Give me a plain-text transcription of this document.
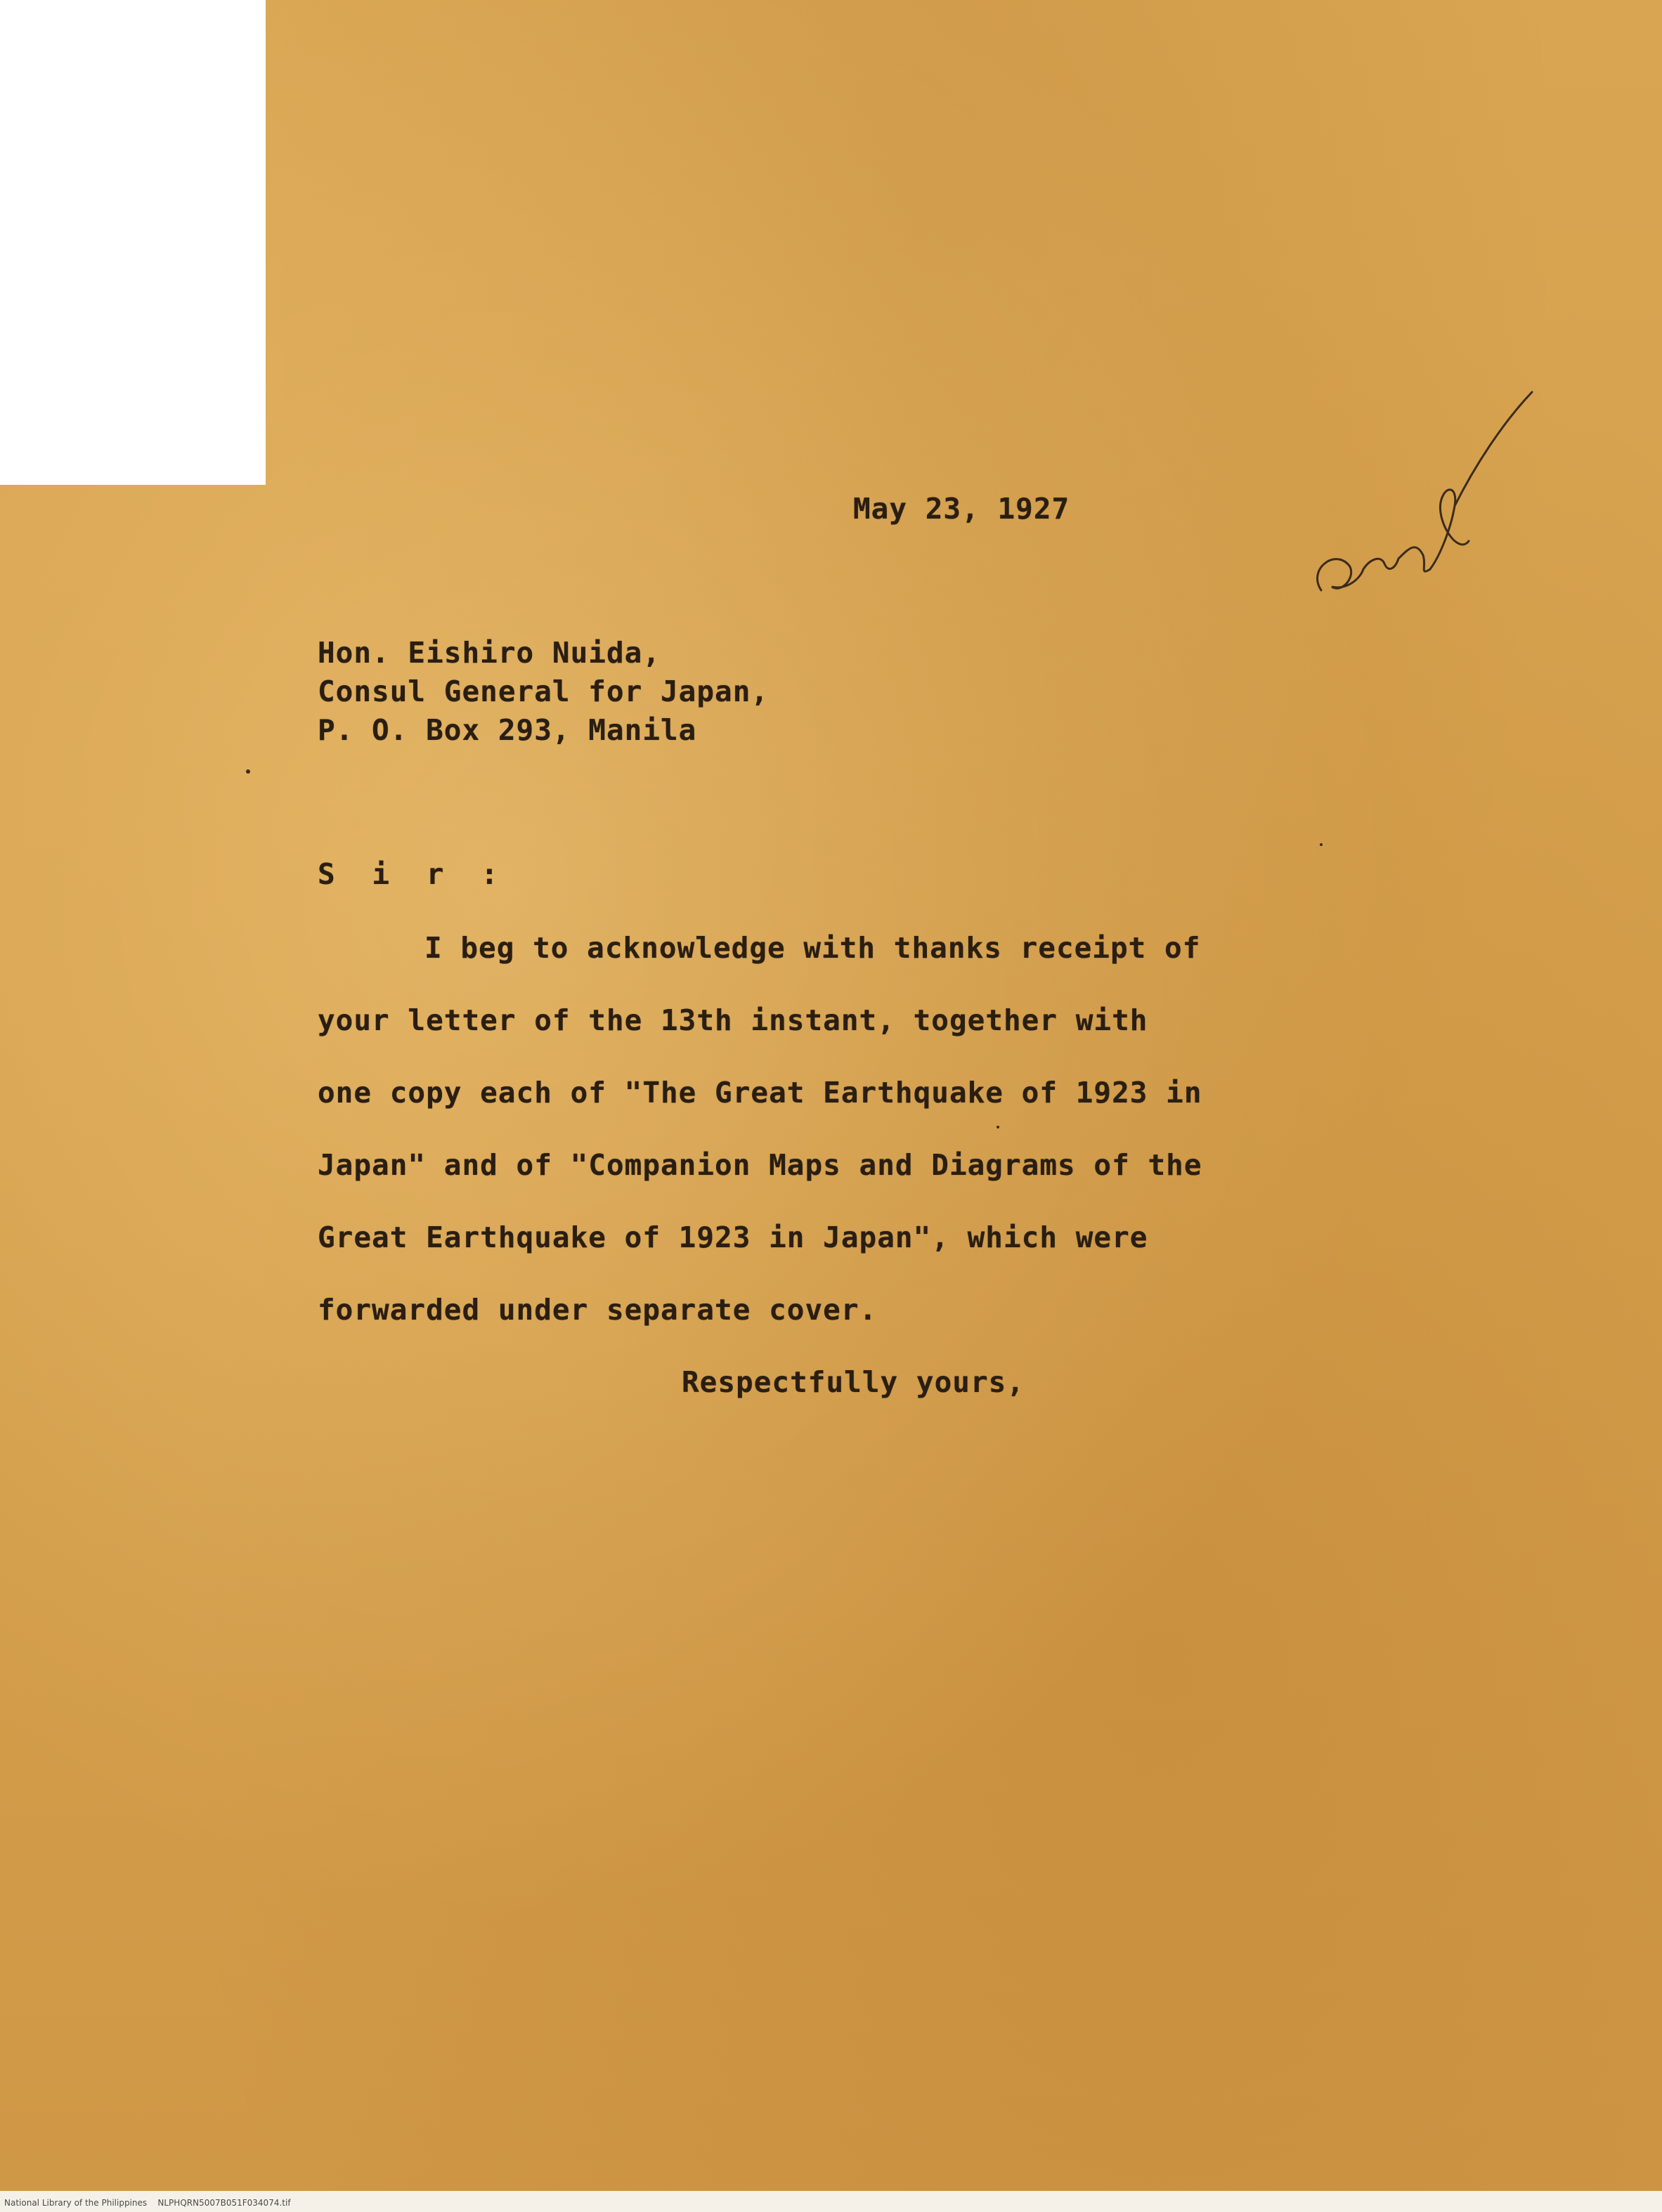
May 23, 1927
Hon. Eishiro Nuida,
Consul General for Japan,
P. O. Box 293, Manila
S i r :
I beg to acknowledge with thanks receipt of
your letter of the 13th instant, together with
one copy each of "The Great Earthquake of 1923 in
Japan" and of "Companion Maps and Diagrams of the
Great Earthquake of 1923 in Japan", which were
forwarded under separate cover.
Respectfully yours,
National Library of the Philippines    NLPHQRN5007B051F034074.tif
